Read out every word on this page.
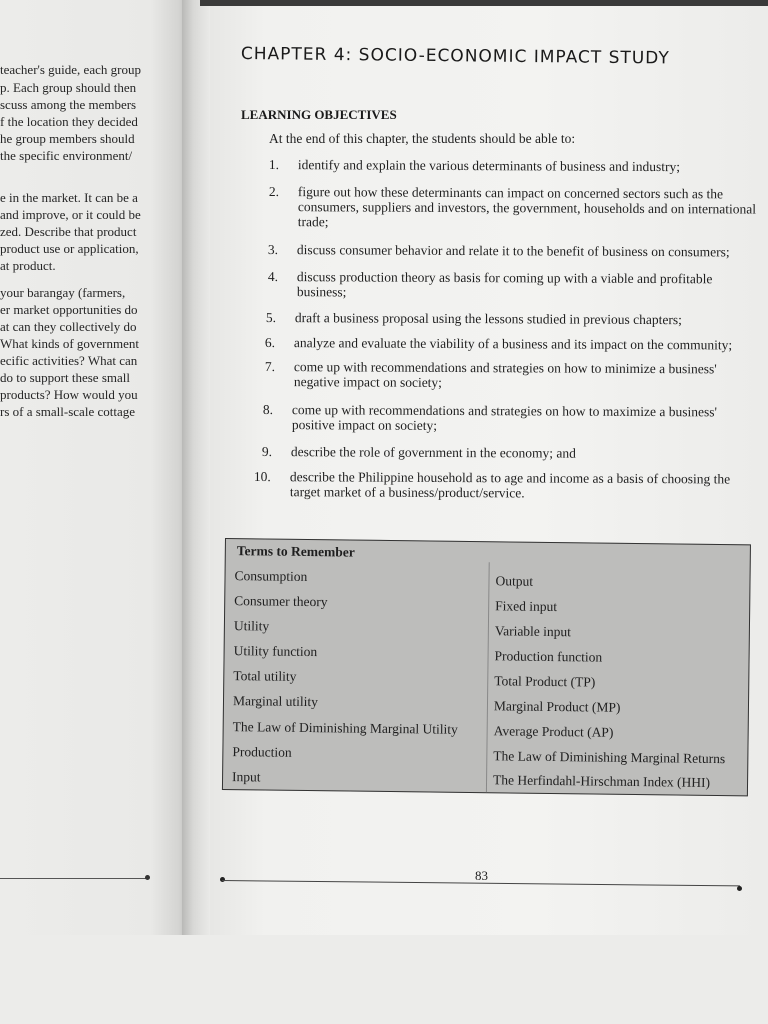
teacher's guide, each group
p. Each group should then
scuss among the members
f the location they decided
he group members should
the specific environment/
e in the market. It can be a
and improve, or it could be
zed. Describe that product
product use or application,
at product.
your barangay (farmers,
er market opportunities do
at can they collectively do
What kinds of government
ecific activities? What can
do to support these small
products? How would you
rs of a small-scale cottage
CHAPTER 4: SOCIO-ECONOMIC IMPACT STUDY
LEARNING OBJECTIVES
At the end of this chapter, the students should be able to:
1.	identify and explain the various determinants of business and industry;
2.	figure out how these determinants can impact on concerned sectors such as the consumers, suppliers and investors, the government, households and on international trade;
3.	discuss consumer behavior and relate it to the benefit of business on consumers;
4.	discuss production theory as basis for coming up with a viable and profitable business;
5.	draft a business proposal using the lessons studied in previous chapters;
6.	analyze and evaluate the viability of a business and its impact on the community;
7.	come up with recommendations and strategies on how to minimize a business' negative impact on society;
8.	come up with recommendations and strategies on how to maximize a business' positive impact on society;
9.	describe the role of government in the economy; and
10.	describe the Philippine household as to age and income as a basis of choosing the target market of a business/product/service.
Terms to Remember
Consumption
Consumer theory
Utility
Utility function
Total utility
Marginal utility
The Law of Diminishing Marginal Utility
Production
Input
Output
Fixed input
Variable input
Production function
Total Product (TP)
Marginal Product (MP)
Average Product (AP)
The Law of Diminishing Marginal Returns
The Herfindahl-Hirschman Index (HHI)
83
